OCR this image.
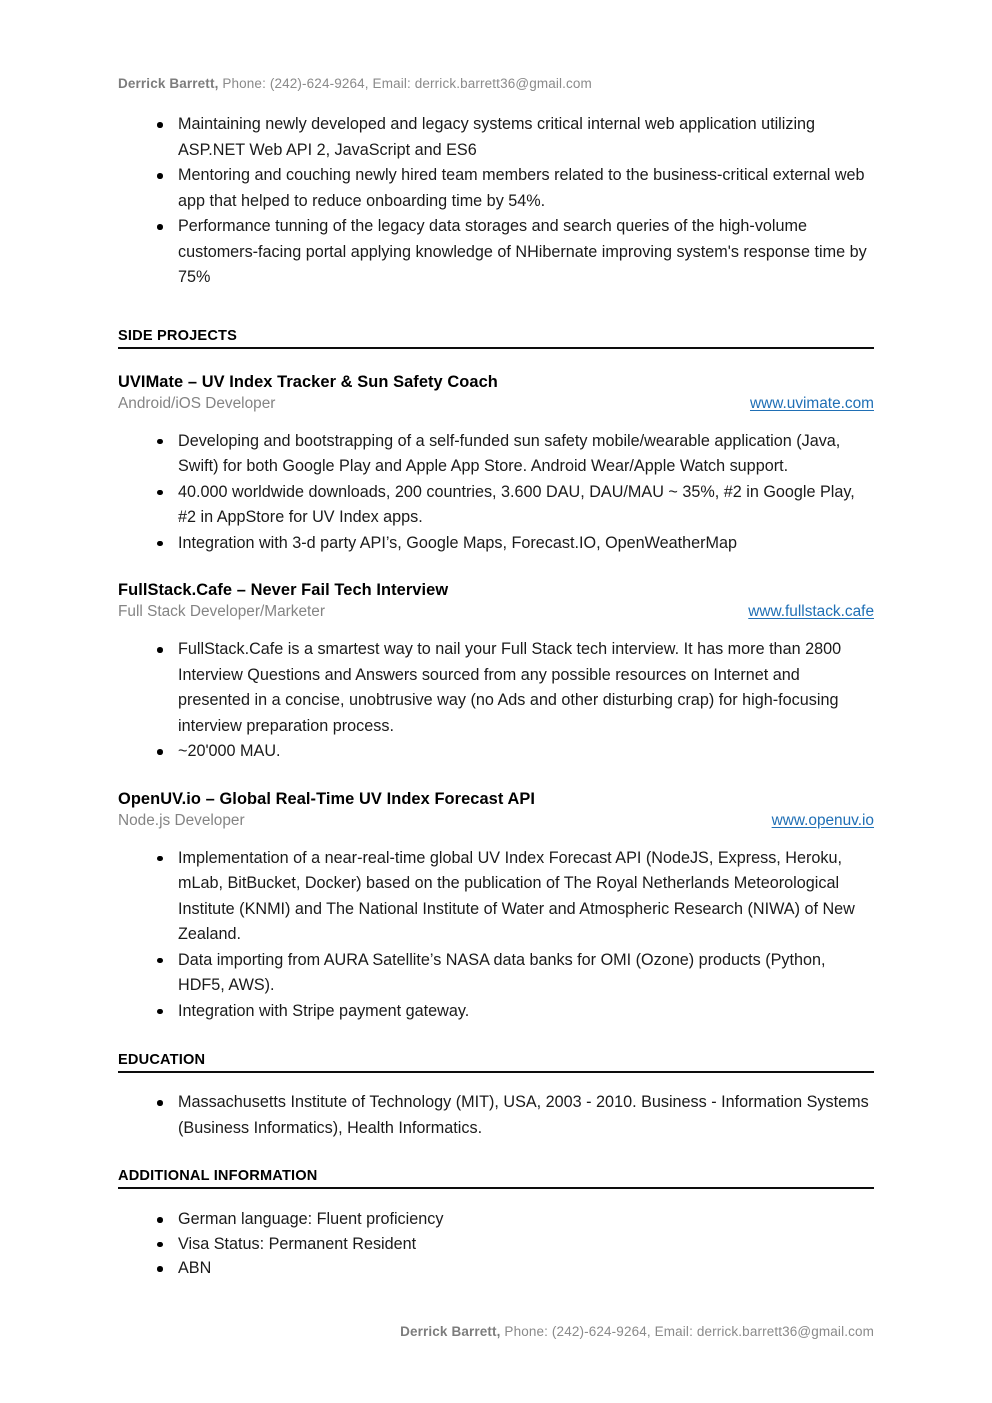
Derrick Barrett, Phone: (242)-624-9264, Email: derrick.barrett36@gmail.com
Maintaining newly developed and legacy systems critical internal web application utilizing ASP.NET Web API 2, JavaScript and ES6
Mentoring and couching newly hired team members related to the business-critical external web app that helped to reduce onboarding time by 54%.
Performance tunning of the legacy data storages and search queries of the high-volume customers-facing portal applying knowledge of NHibernate improving system's response time by 75%
SIDE PROJECTS
UVIMate – UV Index Tracker & Sun Safety Coach
Android/iOS Developer	www.uvimate.com
Developing and bootstrapping of a self-funded sun safety mobile/wearable application (Java, Swift) for both Google Play and Apple App Store. Android Wear/Apple Watch support.
40.000 worldwide downloads, 200 countries, 3.600 DAU, DAU/MAU ~ 35%, #2 in Google Play, #2 in AppStore for UV Index apps.
Integration with 3-d party API’s, Google Maps, Forecast.IO, OpenWeatherMap
FullStack.Cafe – Never Fail Tech Interview
Full Stack Developer/Marketer	www.fullstack.cafe
FullStack.Cafe is a smartest way to nail your Full Stack tech interview. It has more than 2800 Interview Questions and Answers sourced from any possible resources on Internet and presented in a concise, unobtrusive way (no Ads and other disturbing crap) for high-focusing interview preparation process.
~20'000 MAU.
OpenUV.io – Global Real-Time UV Index Forecast API
Node.js Developer	www.openuv.io
Implementation of a near-real-time global UV Index Forecast API (NodeJS, Express, Heroku, mLab, BitBucket, Docker) based on the publication of The Royal Netherlands Meteorological Institute (KNMI) and The National Institute of Water and Atmospheric Research (NIWA) of New Zealand.
Data importing from AURA Satellite’s NASA data banks for OMI (Ozone) products (Python, HDF5, AWS).
Integration with Stripe payment gateway.
EDUCATION
Massachusetts Institute of Technology (MIT), USA, 2003 - 2010. Business - Information Systems (Business Informatics), Health Informatics.
ADDITIONAL INFORMATION
German language: Fluent proficiency
Visa Status: Permanent Resident
ABN
Derrick Barrett, Phone: (242)-624-9264, Email: derrick.barrett36@gmail.com
